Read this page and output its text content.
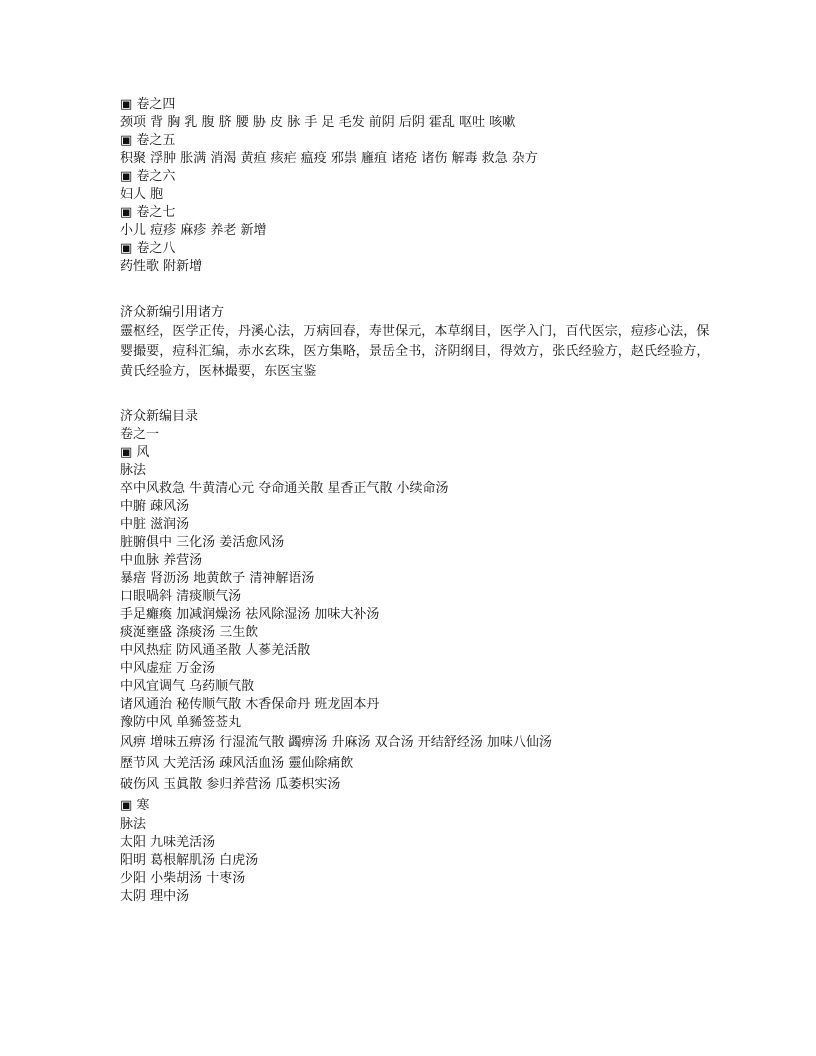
▣ 卷之四
颈项 背 胸 乳 腹 脐 腰 胁 皮 脉 手 足 毛发 前阴 后阴 霍乱 呕吐 咳嗽
▣ 卷之五
积聚 浮肿 胀满 消渴 黄疸 痎疟 瘟疫 邪祟 廱疽 诸疮 诸伤 解毒 救急 杂方
▣ 卷之六
妇人 胞
▣ 卷之七
小儿 痘疹 麻疹 养老 新增
▣ 卷之八
药性歌 附新增
济众新编引用诸方
靈枢经，医学正传，丹溪心法，万病回春，寿世保元，本草纲目，医学入门，百代医宗，痘疹心法，保婴撮要，痘科汇编，赤水玄珠，医方集略，景岳全书，济阴纲目，得效方，张氏经验方，赵氏经验方，黄氏经验方，医林撮要，东医宝鉴
济众新编目录
卷之一
▣ 风
脉法
卒中风救急 牛黄清心元 夺命通关散 星香正气散 小续命汤
中腑 疎风汤
中脏 滋润汤
脏腑俱中 三化汤 姜活愈风汤
中血脉 养营汤
暴瘖 肾沥汤 地黄飲子 清神解语汤
口眼喎斜 清痰顺气汤
手足癱瘓 加减润燥汤 祛风除湿汤 加味大补汤
痰涎壅盛 涤痰汤 三生飲
中风热症 防风通圣散 人蔘羌活散
中风虚症 万金汤
中风宜调气 乌药顺气散
诸风通治 秘传顺气散 木香保命丹 班龙固本丹
豫防中风 单豨签莶丸
风痹 增味五痹汤 行湿流气散 蠲痹汤 升麻汤 双合汤 开结舒经汤 加味八仙汤
歷节风 大羌活汤 疎风活血汤 靈仙除痛飲
破伤风 玉眞散 参归养营汤 瓜萎枳实汤
▣ 寒
脉法
太阳 九味羌活汤
阳明 葛根解肌汤 白虎汤
少阳 小柴胡汤 十枣汤
太阴 理中汤
